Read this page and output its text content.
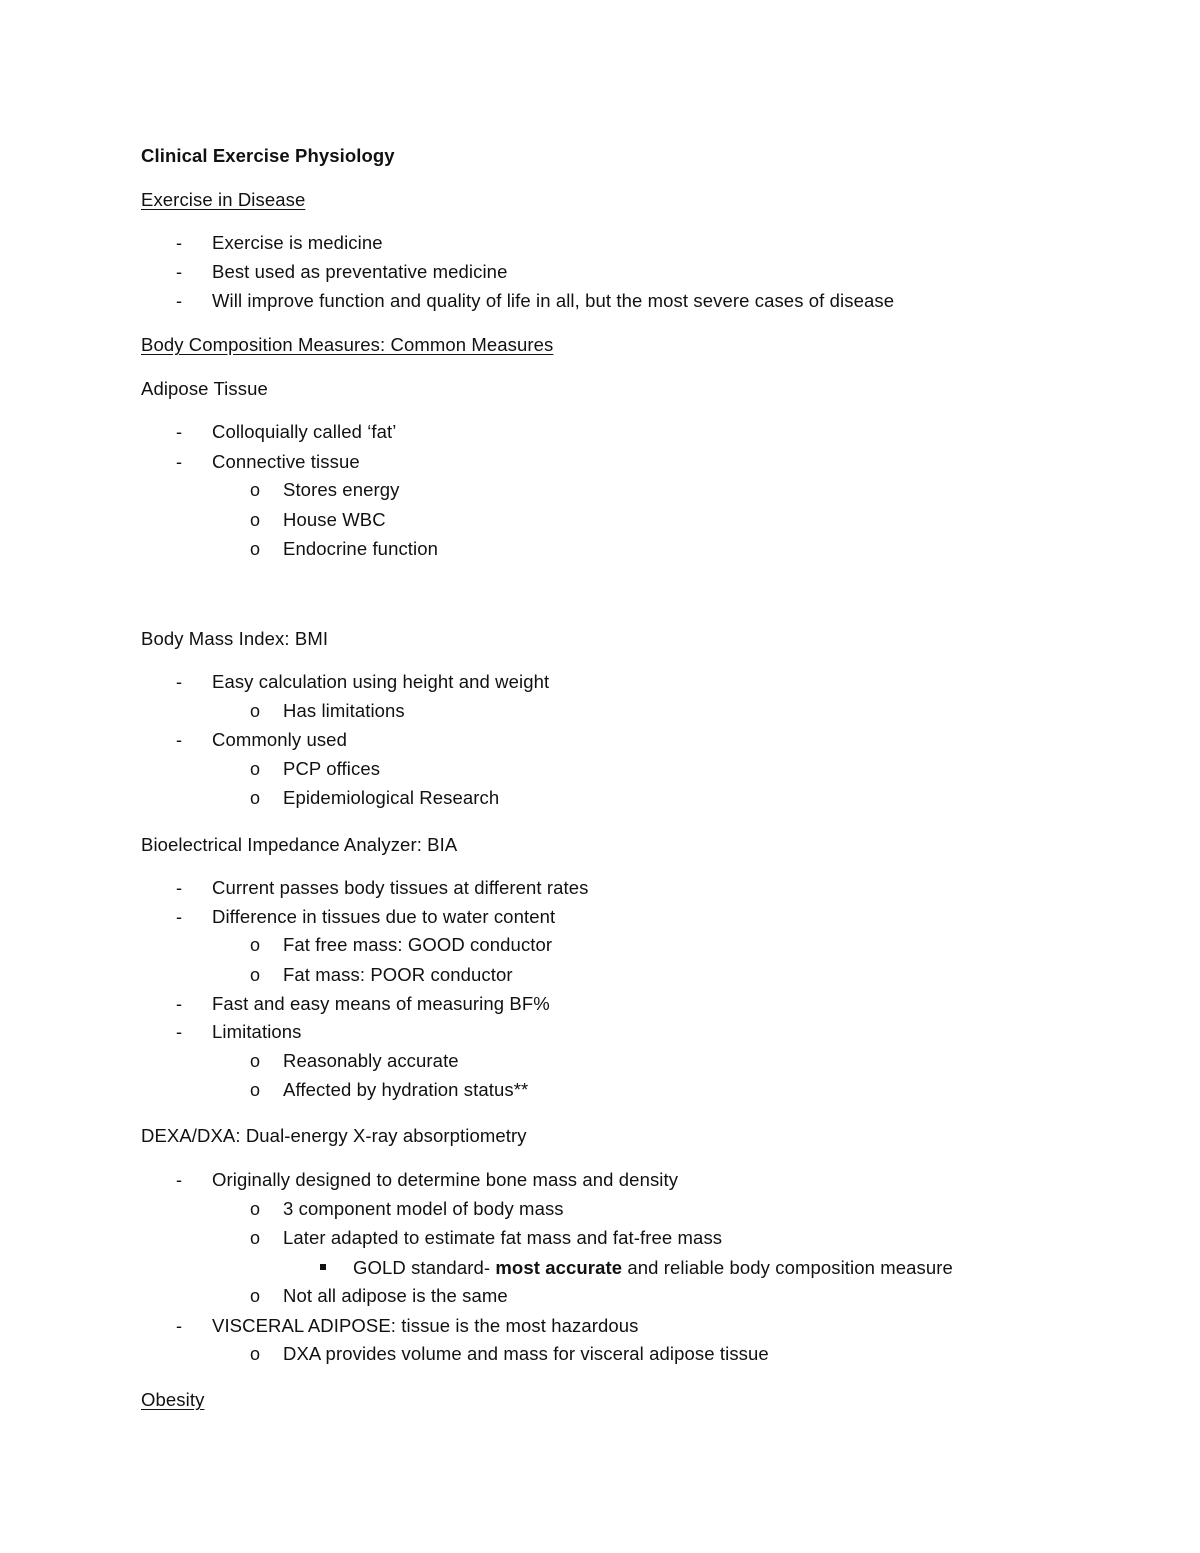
Clinical Exercise Physiology
Exercise in Disease
- Exercise is medicine
- Best used as preventative medicine
- Will improve function and quality of life in all, but the most severe cases of disease
Body Composition Measures: Common Measures
Adipose Tissue
- Colloquially called ‘fat’
- Connective tissue
o Stores energy
o House WBC
o Endocrine function
Body Mass Index: BMI
- Easy calculation using height and weight
o Has limitations
- Commonly used
o PCP offices
o Epidemiological Research
Bioelectrical Impedance Analyzer: BIA
- Current passes body tissues at different rates
- Difference in tissues due to water content
o Fat free mass: GOOD conductor
o Fat mass: POOR conductor
- Fast and easy means of measuring BF%
- Limitations
o Reasonably accurate
o Affected by hydration status**
DEXA/DXA: Dual-energy X-ray absorptiometry
- Originally designed to determine bone mass and density
o 3 component model of body mass
o Later adapted to estimate fat mass and fat-free mass
GOLD standard- most accurate and reliable body composition measure
o Not all adipose is the same
- VISCERAL ADIPOSE: tissue is the most hazardous
o DXA provides volume and mass for visceral adipose tissue
Obesity
